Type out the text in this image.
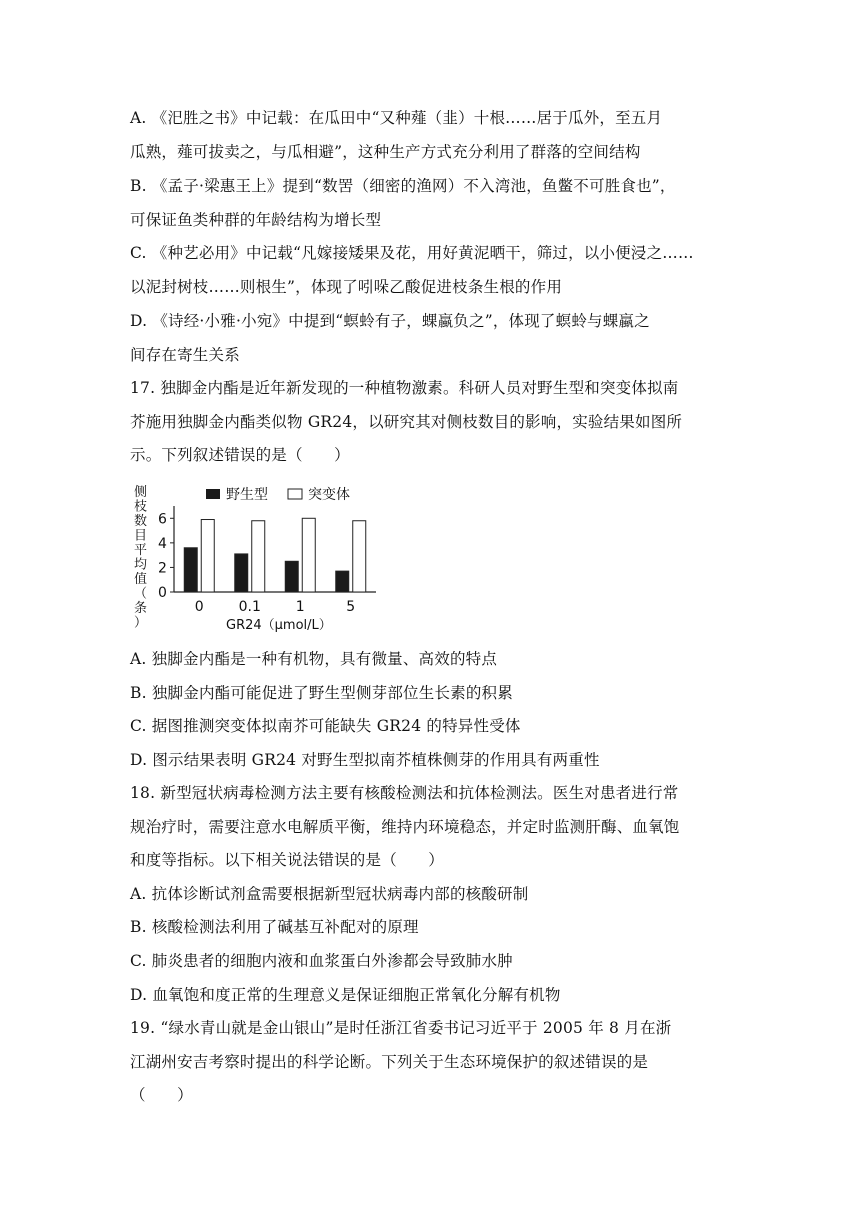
A. 《汜胜之书》中记载：在瓜田中“又种薤（韭）十根……居于瓜外，至五月
瓜熟，薤可拔卖之，与瓜相避”，这种生产方式充分利用了群落的空间结构
B. 《孟子·梁惠王上》提到“数罟（细密的渔网）不入湾池，鱼鳖不可胜食也”，
可保证鱼类种群的年龄结构为增长型
C. 《种艺必用》中记载“凡嫁接矮果及花，用好黄泥晒干，筛过，以小便浸之……
以泥封树枝……则根生”，体现了吲哚乙酸促进枝条生根的作用
D. 《诗经·小雅·小宛》中提到“螟蛉有子，蜾蠃负之”，体现了螟蛉与蜾蠃之
间存在寄生关系
17. 独脚金内酯是近年新发现的一种植物激素。科研人员对野生型和突变体拟南
芥施用独脚金内酯类似物 GR24，以研究其对侧枝数目的影响，实验结果如图所
示。下列叙述错误的是（　　）
侧
枝
数
目
平
均
值
（
条
）
野生型	突变体
0
2
4
6
0 0.1 1	5
GR24（μmol/L）
A. 独脚金内酯是一种有机物，具有微量、高效的特点
B. 独脚金内酯可能促进了野生型侧芽部位生长素的积累
C. 据图推测突变体拟南芥可能缺失 GR24 的特异性受体
D. 图示结果表明 GR24 对野生型拟南芥植株侧芽的作用具有两重性
18. 新型冠状病毒检测方法主要有核酸检测法和抗体检测法。医生对患者进行常
规治疗时，需要注意水电解质平衡，维持内环境稳态，并定时监测肝酶、血氧饱
和度等指标。以下相关说法错误的是（　　）
A. 抗体诊断试剂盒需要根据新型冠状病毒内部的核酸研制
B. 核酸检测法利用了碱基互补配对的原理
C. 肺炎患者的细胞内液和血浆蛋白外渗都会导致肺水肿
D. 血氧饱和度正常的生理意义是保证细胞正常氧化分解有机物
19. “绿水青山就是金山银山”是时任浙江省委书记习近平于 2005 年 8 月在浙
江湖州安吉考察时提出的科学论断。下列关于生态环境保护的叙述错误的是
（　　）
